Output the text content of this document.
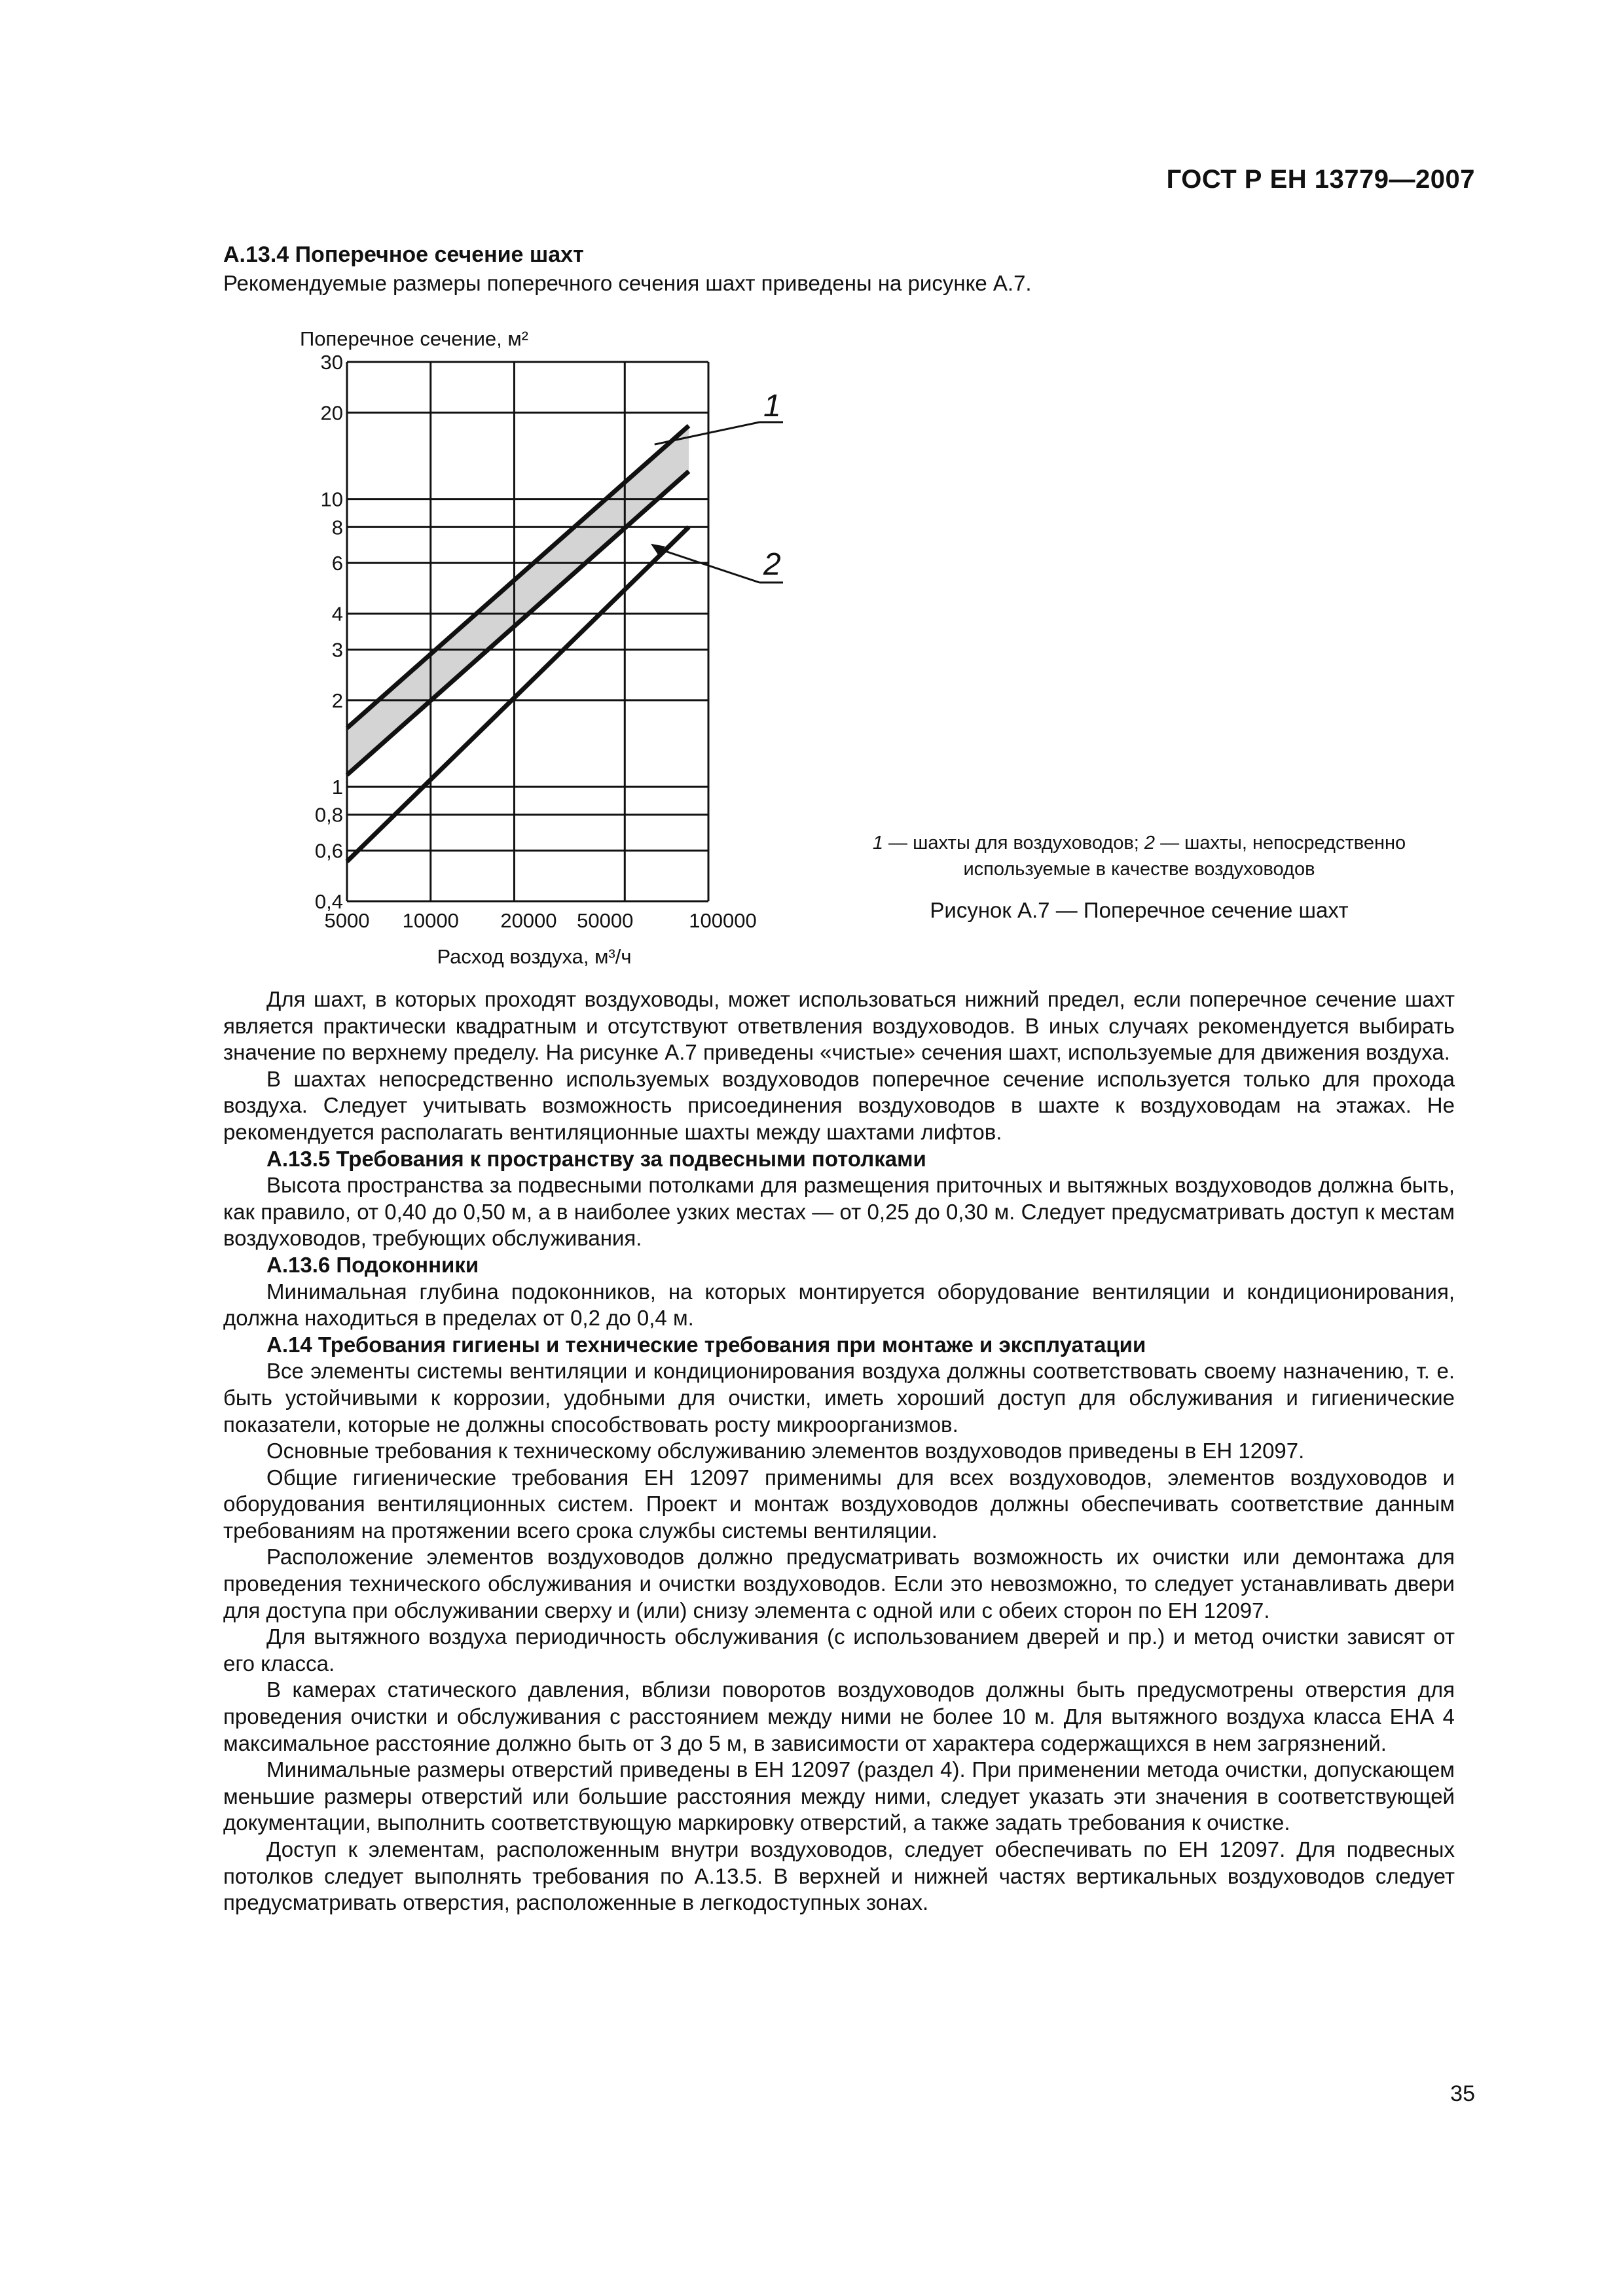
ГОСТ Р ЕН 13779—2007
А.13.4 Поперечное сечение шахт
Рекомендуемые размеры поперечного сечения шахт приведены на рисунке А.7.
0,4
0,6
0,8
1
2
3
4
6
8
10
20
30
5000 10000 20000 50000	100000
Поперечное сечение, м²
Расход воздуха, м³/ч
1
2
1 — шахты для воздуховодов; 2 — шахты, непосредственно используемые в качестве воздуховодов
Рисунок А.7 — Поперечное сечение шахт

Для шахт, в которых проходят воздуховоды, может использоваться нижний предел, если поперечное сечение шахт является практически квадратным и отсутствуют ответвления воздуховодов. В иных случаях рекомендуется выбирать значение по верхнему пределу. На рисунке А.7 приведены «чистые» сечения шахт, используемые для движения воздуха.

В шахтах непосредственно используемых воздуховодов поперечное сечение используется только для прохода воздуха. Следует учитывать возможность присоединения воздуховодов в шахте к воздуховодам на этажах. Не рекомендуется располагать вентиляционные шахты между шахтами лифтов.

А.13.5 Требования к пространству за подвесными потолками

Высота пространства за подвесными потолками для размещения приточных и вытяжных воздуховодов должна быть, как правило, от 0,40 до 0,50 м, а в наиболее узких местах — от 0,25 до 0,30 м. Следует предусматривать доступ к местам воздуховодов, требующих обслуживания.

А.13.6 Подоконники

Минимальная глубина подоконников, на которых монтируется оборудование вентиляции и кондиционирования, должна находиться в пределах от 0,2 до 0,4 м.

А.14 Требования гигиены и технические требования при монтаже и эксплуатации

Все элементы системы вентиляции и кондиционирования воздуха должны соответствовать своему назначению, т. е. быть устойчивыми к коррозии, удобными для очистки, иметь хороший доступ для обслуживания и гигиенические показатели, которые не должны способствовать росту микроорганизмов.

Основные требования к техническому обслуживанию элементов воздуховодов приведены в ЕН 12097.

Общие гигиенические требования ЕН 12097 применимы для всех воздуховодов, элементов воздуховодов и оборудования вентиляционных систем. Проект и монтаж воздуховодов должны обеспечивать соответствие данным требованиям на протяжении всего срока службы системы вентиляции.

Расположение элементов воздуховодов должно предусматривать возможность их очистки или демонтажа для проведения технического обслуживания и очистки воздуховодов. Если это невозможно, то следует устанавливать двери для доступа при обслуживании сверху и (или) снизу элемента с одной или с обеих сторон по ЕН 12097.

Для вытяжного воздуха периодичность обслуживания (с использованием дверей и пр.) и метод очистки зависят от его класса.

В камерах статического давления, вблизи поворотов воздуховодов должны быть предусмотрены отверстия для проведения очистки и обслуживания с расстоянием между ними не более 10 м. Для вытяжного воздуха класса ЕНА 4 максимальное расстояние должно быть от 3 до 5 м, в зависимости от характера содержащихся в нем загрязнений.

Минимальные размеры отверстий приведены в ЕН 12097 (раздел 4). При применении метода очистки, допускающем меньшие размеры отверстий или большие расстояния между ними, следует указать эти значения в соответствующей документации, выполнить соответствующую маркировку отверстий, а также задать требования к очистке.

Доступ к элементам, расположенным внутри воздуховодов, следует обеспечивать по ЕН 12097. Для подвесных потолков следует выполнять требования по А.13.5. В верхней и нижней частях вертикальных воздуховодов следует предусматривать отверстия, расположенные в легкодоступных зонах.

35
